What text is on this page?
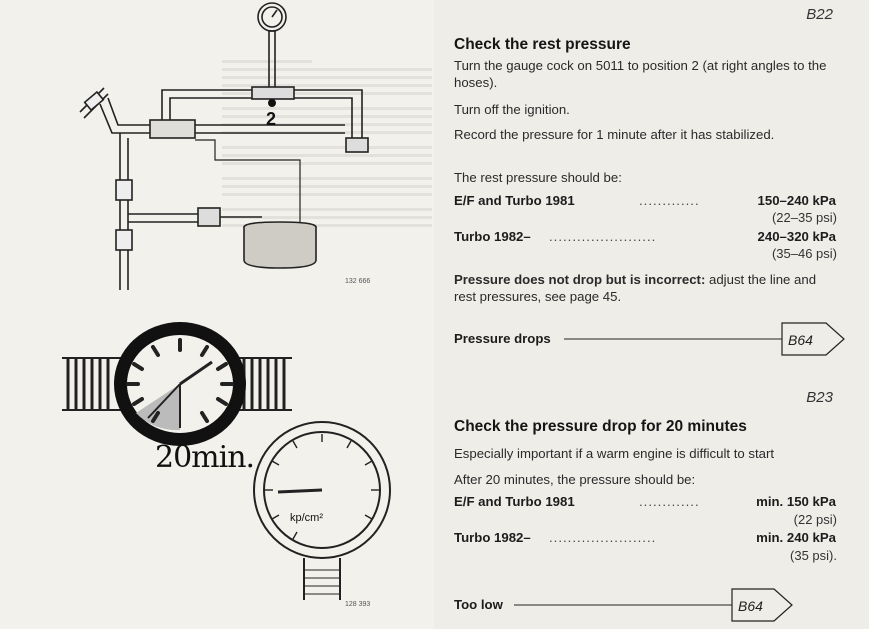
2
132 666
20min.
kp/cm²
128 393
B22
Check the rest pressure
Turn the gauge cock on 5011 to position 2 (at right angles to the hoses).
Turn off the ignition.
Record the pressure for 1 minute after it has stabilized.
The rest pressure should be:
E/F and Turbo 1981	.............	150–240 kPa
(22–35 psi)
Turbo 1982– .......................	240–320 kPa
(35–46 psi)
Pressure does not drop but is incorrect: adjust the line and rest pressures, see page 45.
Pressure drops	B64
B23
Check the pressure drop for 20 minutes
Especially important if a warm engine is difficult to start
After 20 minutes, the pressure should be:
E/F and Turbo 1981	.............	min. 150 kPa
(22 psi)
Turbo 1982– .......................	min. 240 kPa
(35 psi).
Too low	B64
